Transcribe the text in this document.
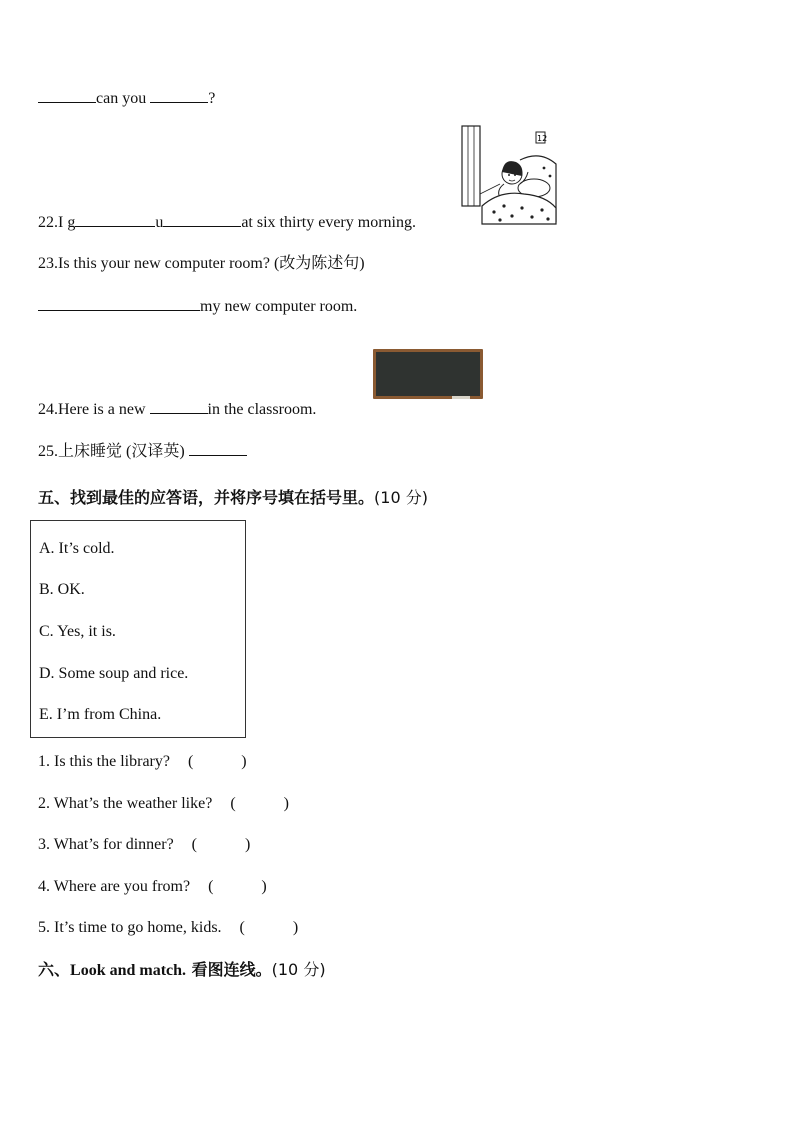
can you	?
12
22.I g	u	at six thirty every morning.
23.Is this your new computer room? (改为陈述句)
my new computer room.
24.Here is a new	in the classroom.
25.上床睡觉 (汉译英)
五、找到最佳的应答语，并将序号填在括号里。(10 分)
A. It’s cold.
B. OK.
C. Yes, it is.
D. Some soup and rice.
E. I’m from China.
1. Is this the library? (	)
2. What’s the weather like? (	)
3. What’s for dinner? (	)
4. Where are you from? (	)
5. It’s time to go home, kids. (	)
六、Look and match. 看图连线。(10 分)
